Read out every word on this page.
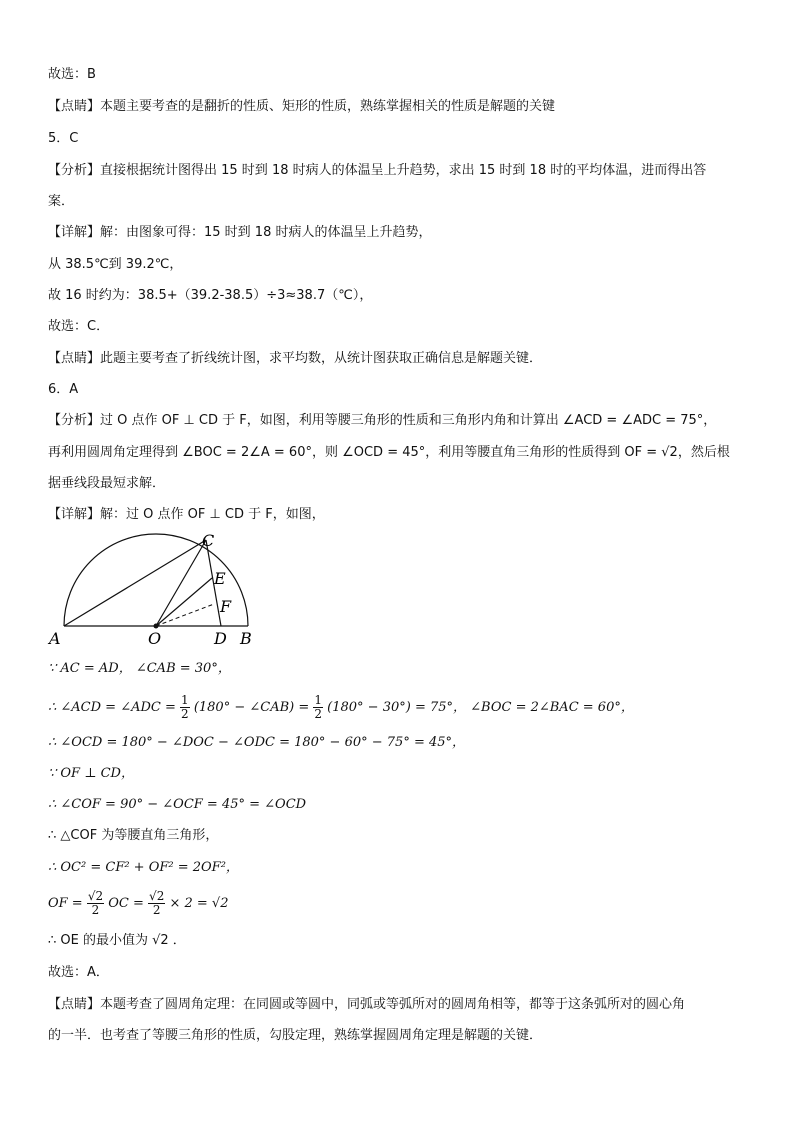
故选：B
【点睛】本题主要考查的是翻折的性质、矩形的性质，熟练掌握相关的性质是解题的关键
5．C
【分析】直接根据统计图得出 15 时到 18 时病人的体温呈上升趋势，求出 15 时到 18 时的平均体温，进而得出答
案．
【详解】解：由图象可得：15 时到 18 时病人的体温呈上升趋势，
从 38.5℃到 39.2℃，
故 16 时约为：38.5+（39.2-38.5）÷3≈38.7（℃），
故选：C．
【点睛】此题主要考查了折线统计图，求平均数，从统计图获取正确信息是解题关键．
6．A
【分析】过 O 点作 OF ⊥ CD 于 F，如图，利用等腰三角形的性质和三角形内角和计算出 ∠ACD = ∠ADC = 75°，
再利用圆周角定理得到 ∠BOC = 2∠A = 60°，则 ∠OCD = 45°，利用等腰直角三角形的性质得到 OF = √2，然后根
据垂线段最短求解．
【详解】解：过 O 点作 OF ⊥ CD 于 F，如图，
A	O	D B
C
E
F
∵ AC = AD， ∠CAB = 30°，
∴ ∠ACD = ∠ADC = $\frac{1}{2} (180^\circ$ − ∠CAB) = $\frac{1}{2} (180^\circ - 30^\circ) = 75^\circ$， ∠BOC = 2∠BAC = 60°，
∴ ∠OCD = 180° − ∠DOC − ∠ODC = 180° − 60° − 75° = 45°，
∵ OF ⊥ CD，
∴ ∠COF = 90° − ∠OCF = 45° = ∠OCD
∴ △COF 为等腰直角三角形，
∴ OC² = CF² + OF² = 2OF²，
OF = $\frac{√2}{2}$ OC = $\frac{√2}{2} \times 2 = √2$
∴ OE 的最小值为 √2 ．
故选：A．
【点睛】本题考查了圆周角定理：在同圆或等圆中，同弧或等弧所对的圆周角相等，都等于这条弧所对的圆心角
的一半．也考查了等腰三角形的性质，勾股定理，熟练掌握圆周角定理是解题的关键．
